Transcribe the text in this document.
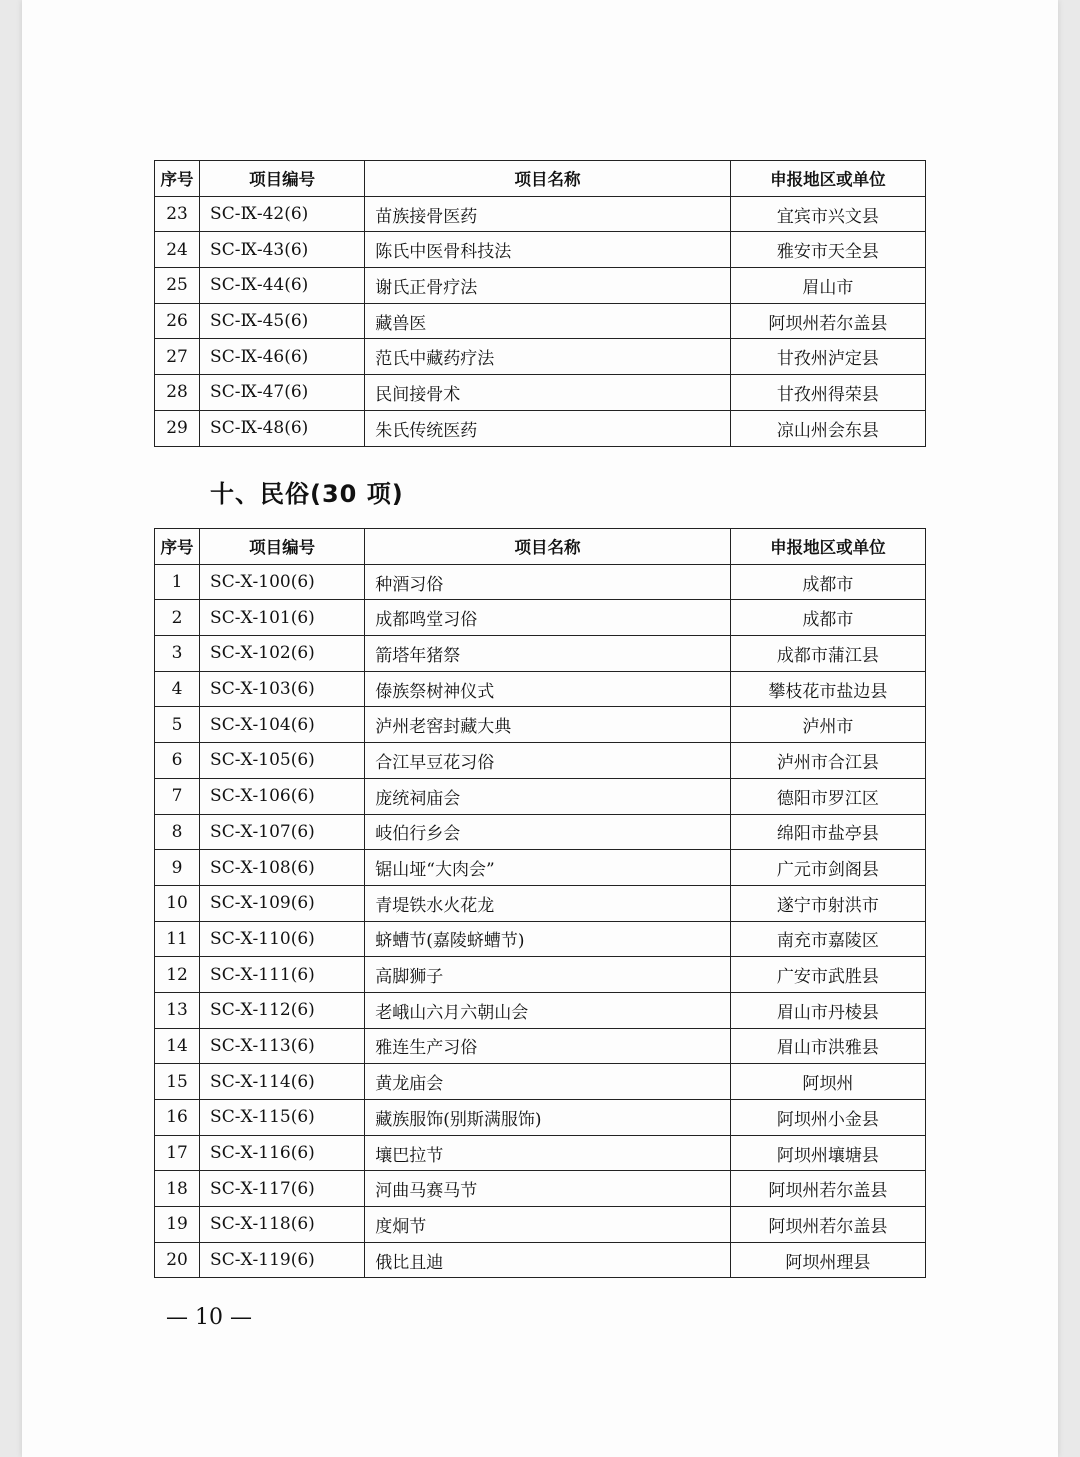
序号	项目编号	项目名称	申报地区或单位
23	SC-Ⅸ-42(6)	苗族接骨医药	宜宾市兴文县
24	SC-Ⅸ-43(6)	陈氏中医骨科技法	雅安市天全县
25	SC-Ⅸ-44(6)	谢氏正骨疗法	眉山市
26	SC-Ⅸ-45(6)	藏兽医	阿坝州若尔盖县
27	SC-Ⅸ-46(6)	范氏中藏药疗法	甘孜州泸定县
28	SC-Ⅸ-47(6)	民间接骨术	甘孜州得荣县
29	SC-Ⅸ-48(6)	朱氏传统医药	凉山州会东县
十、民俗(30 项)
序号	项目编号	项目名称	申报地区或单位
1	SC-Ⅹ-100(6)	种酒习俗	成都市
2	SC-Ⅹ-101(6)	成都鸣堂习俗	成都市
3	SC-Ⅹ-102(6)	箭塔年猪祭	成都市蒲江县
4	SC-Ⅹ-103(6)	傣族祭树神仪式	攀枝花市盐边县
5	SC-Ⅹ-104(6)	泸州老窖封藏大典	泸州市
6	SC-Ⅹ-105(6)	合江早豆花习俗	泸州市合江县
7	SC-Ⅹ-106(6)	庞统祠庙会	德阳市罗江区
8	SC-Ⅹ-107(6)	岐伯行乡会	绵阳市盐亭县
9	SC-Ⅹ-108(6)	锯山垭“大肉会”	广元市剑阁县
10	SC-Ⅹ-109(6)	青堤铁水火花龙	遂宁市射洪市
11	SC-Ⅹ-110(6)	蛴螬节(嘉陵蛴螬节)	南充市嘉陵区
12	SC-Ⅹ-111(6)	高脚狮子	广安市武胜县
13	SC-Ⅹ-112(6)	老峨山六月六朝山会	眉山市丹棱县
14	SC-Ⅹ-113(6)	雅连生产习俗	眉山市洪雅县
15	SC-Ⅹ-114(6)	黄龙庙会	阿坝州
16	SC-Ⅹ-115(6)	藏族服饰(别斯满服饰)	阿坝州小金县
17	SC-Ⅹ-116(6)	壤巴拉节	阿坝州壤塘县
18	SC-Ⅹ-117(6)	河曲马赛马节	阿坝州若尔盖县
19	SC-Ⅹ-118(6)	度炯节	阿坝州若尔盖县
20	SC-Ⅹ-119(6)	俄比且迪	阿坝州理县
— 10 —
